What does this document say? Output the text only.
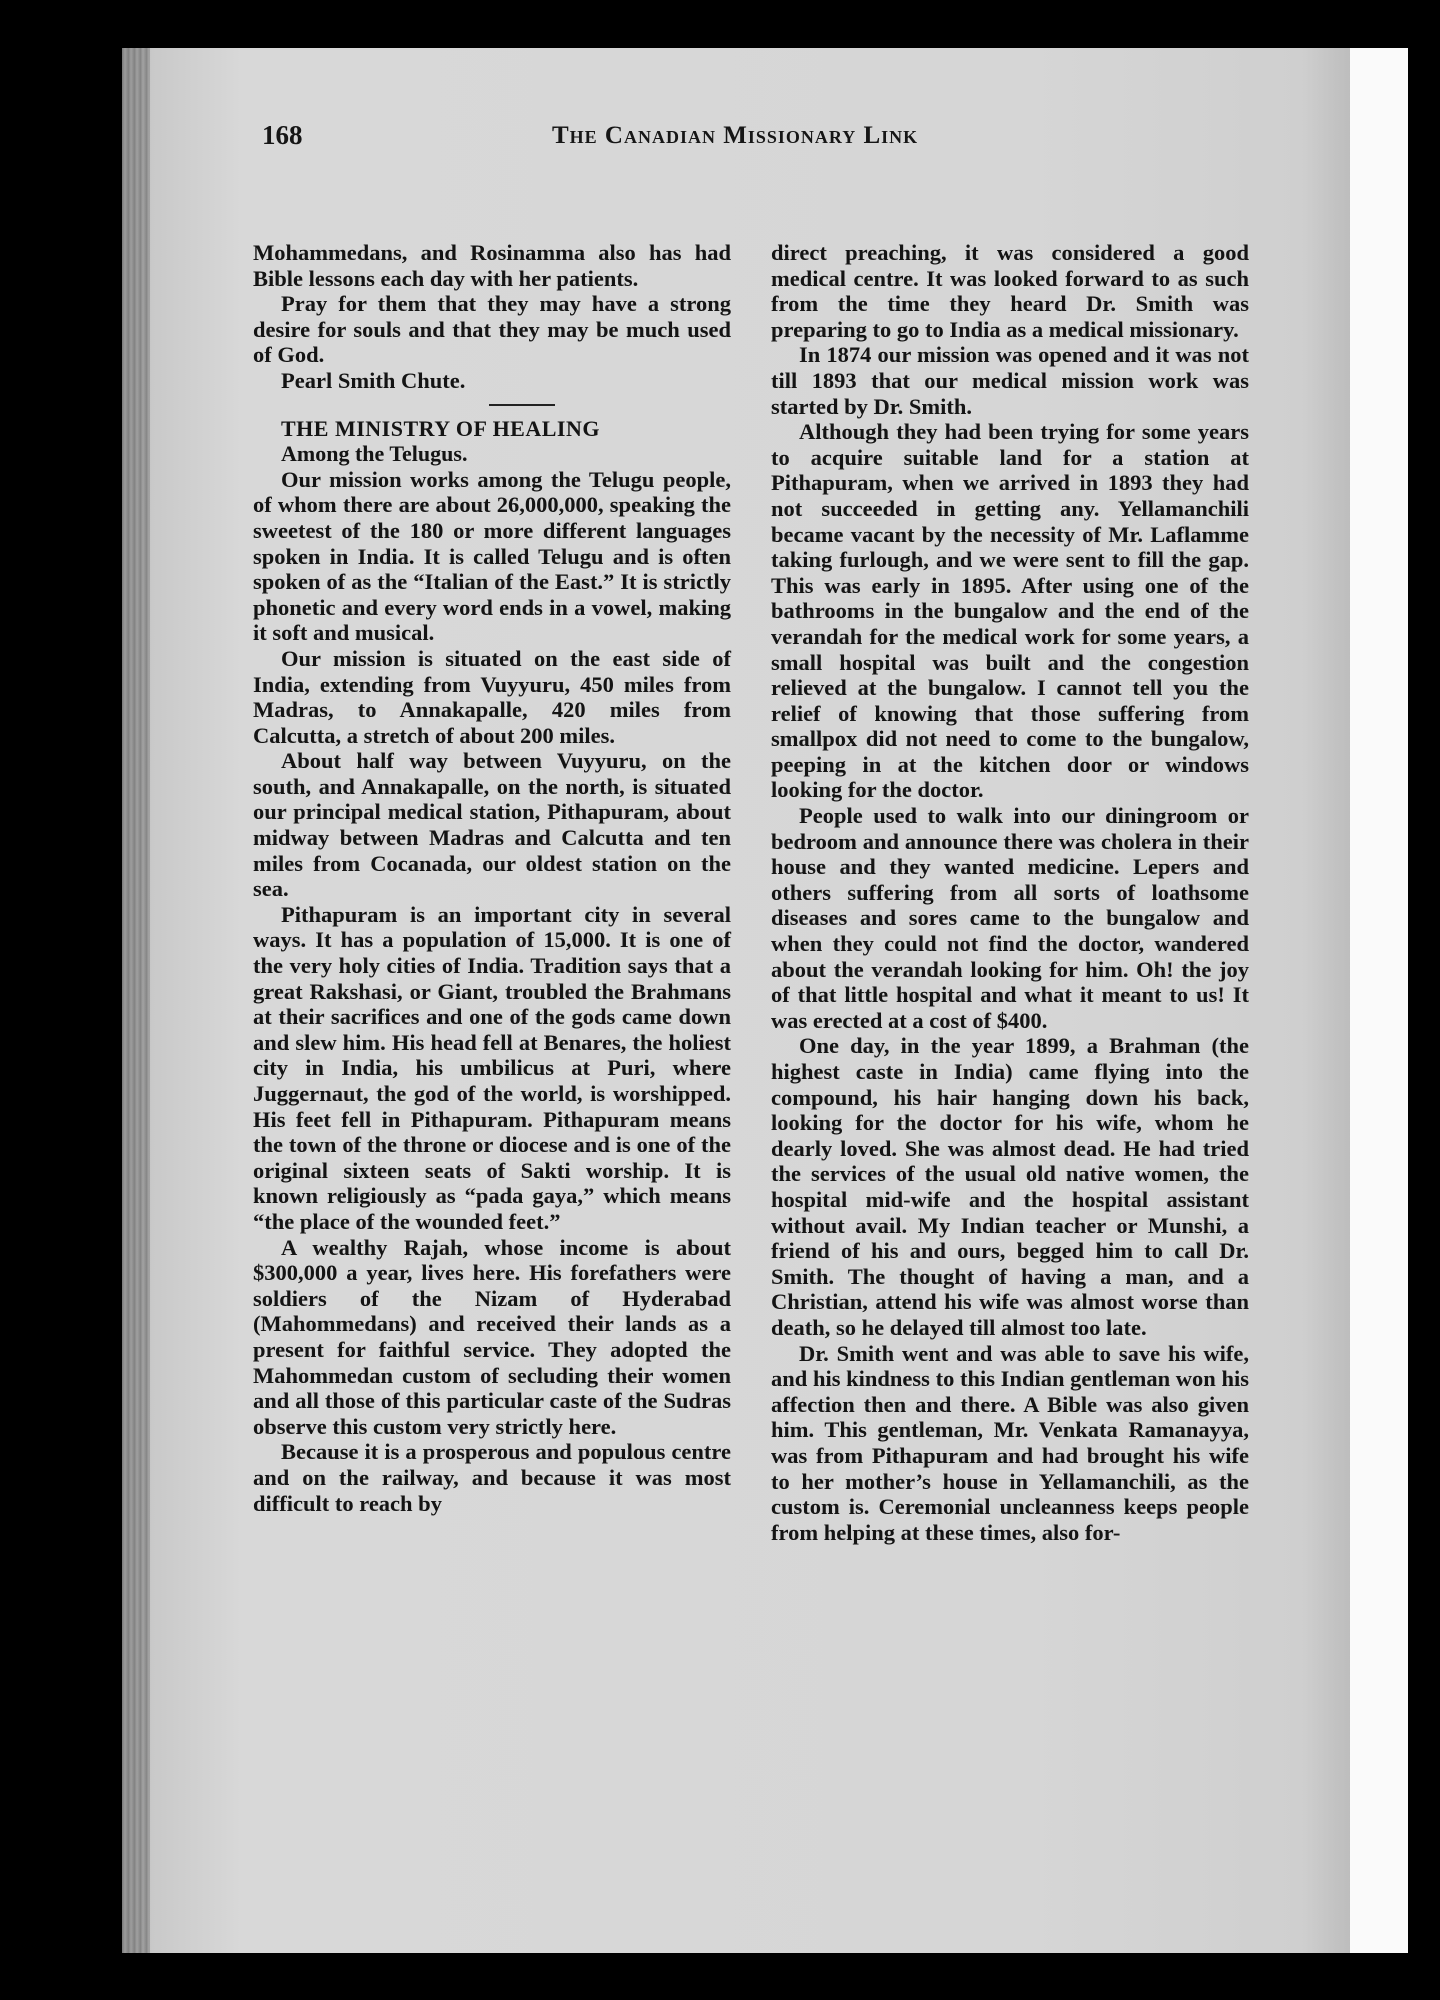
168	The Canadian Missionary Link

Mohammedans, and Rosinamma also has had Bible lessons each day with her patients.

Pray for them that they may have a strong desire for souls and that they may be much used of God.

Pearl Smith Chute.

THE MINISTRY OF HEALING

Among the Telugus.

Our mission works among the Telugu people, of whom there are about 26,000,000, speaking the sweetest of the 180 or more different languages spoken in India. It is called Telugu and is often spoken of as the “Italian of the East.” It is strictly phonetic and every word ends in a vowel, making it soft and musical.

Our mission is situated on the east side of India, extending from Vuyyuru, 450 miles from Madras, to Annakapalle, 420 miles from Calcutta, a stretch of about 200 miles.

About half way between Vuyyuru, on the south, and Annakapalle, on the north, is situated our principal medical station, Pithapuram, about midway between Madras and Calcutta and ten miles from Cocanada, our oldest station on the sea.

Pithapuram is an important city in several ways. It has a population of 15,000. It is one of the very holy cities of India. Tradition says that a great Rakshasi, or Giant, troubled the Brahmans at their sacrifices and one of the gods came down and slew him. His head fell at Benares, the holiest city in India, his umbilicus at Puri, where Juggernaut, the god of the world, is worshipped. His feet fell in Pithapuram. Pithapuram means the town of the throne or diocese and is one of the original sixteen seats of Sakti worship. It is known religiously as “pada gaya,” which means “the place of the wounded feet.”

A wealthy Rajah, whose income is about $300,000 a year, lives here. His forefathers were soldiers of the Nizam of Hyderabad (Mahommedans) and received their lands as a present for faithful service. They adopted the Mahommedan custom of secluding their women and all those of this particular caste of the Sudras observe this custom very strictly here.

Because it is a prosperous and populous centre and on the railway, and because it was most difficult to reach by

direct preaching, it was considered a good medical centre. It was looked forward to as such from the time they heard Dr. Smith was preparing to go to India as a medical missionary.

In 1874 our mission was opened and it was not till 1893 that our medical mission work was started by Dr. Smith.

Although they had been trying for some years to acquire suitable land for a station at Pithapuram, when we arrived in 1893 they had not succeeded in getting any. Yellamanchili became vacant by the necessity of Mr. Laflamme taking furlough, and we were sent to fill the gap. This was early in 1895. After using one of the bathrooms in the bungalow and the end of the verandah for the medical work for some years, a small hospital was built and the congestion relieved at the bungalow. I cannot tell you the relief of knowing that those suffering from smallpox did not need to come to the bungalow, peeping in at the kitchen door or windows looking for the doctor.

People used to walk into our diningroom or bedroom and announce there was cholera in their house and they wanted medicine. Lepers and others suffering from all sorts of loathsome diseases and sores came to the bungalow and when they could not find the doctor, wandered about the verandah looking for him. Oh! the joy of that little hospital and what it meant to us! It was erected at a cost of $400.

One day, in the year 1899, a Brahman (the highest caste in India) came flying into the compound, his hair hanging down his back, looking for the doctor for his wife, whom he dearly loved. She was almost dead. He had tried the services of the usual old native women, the hospital mid-wife and the hospital assistant without avail. My Indian teacher or Munshi, a friend of his and ours, begged him to call Dr. Smith. The thought of having a man, and a Christian, attend his wife was almost worse than death, so he delayed till almost too late.

Dr. Smith went and was able to save his wife, and his kindness to this Indian gentleman won his affection then and there. A Bible was also given him. This gentleman, Mr. Venkata Ramanayya, was from Pithapuram and had brought his wife to her mother’s house in Yellamanchili, as the custom is. Ceremonial uncleanness keeps people from helping at these times, also for-
